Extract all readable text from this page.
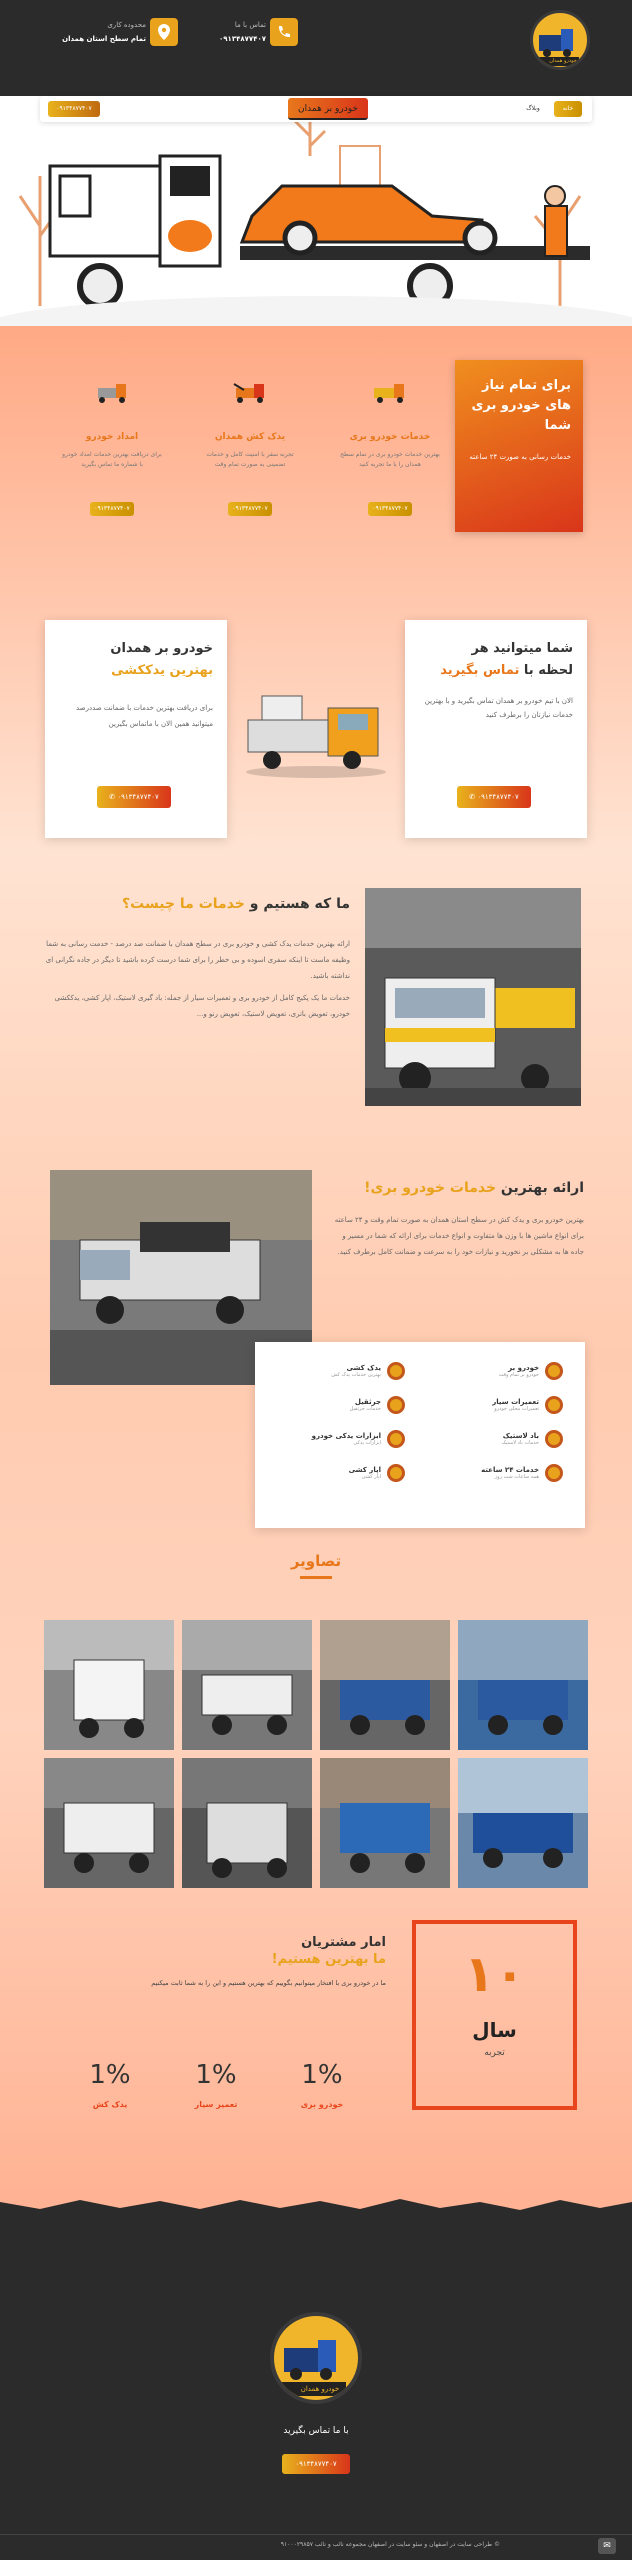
خودرو همدان
تماس با ما
۰۹۱۳۴۸۷۷۴۰۷
محدوده کاری
تمام سطح استان همدان
۰۹۱۳۴۸۷۷۴۰۷	خودرو بر همدان	خانه
وبلاگ
برای تمام نیاز های خودرو بری شما
خدمات رسانی به صورت ۲۴ ساعته
خدمات خودرو بری
بهترین خدمات خودرو بری در تمام سطح همدان را با ما تجربه کنید
۰۹۱۳۴۸۷۷۴۰۷
یدک کش همدان
تجربه سفر با امنیت کامل و خدمات تضمینی به صورت تمام وقت
۰۹۱۳۴۸۷۷۴۰۷
امداد خودرو
برای دریافت بهترین خدمات امداد خودرو با شماره ما تماس بگیرید
۰۹۱۳۴۸۷۷۴۰۷
شما میتوانید هر
لحظه با تماس بگیرید
الان با تیم خودرو بر همدان تماس بگیرید و با بهترین خدمات نیازتان را برطرف کنید
۰۹۱۳۴۸۷۷۴۰۷ ✆
خودرو بر همدان
بهترین یدککشی
برای دریافت بهترین خدمات با ضمانت صددرصد میتوانید همین الان با ماتماس بگیرین
۰۹۱۳۴۸۷۷۴۰۷ ✆
ما که هستیم و خدمات ما چیست؟
ارائه بهترین خدمات یدک کشی و خودرو بری در سطح همدان با ضمانت صد درصد - خدمت رسانی به شما وظیفه ماست تا اینکه سفری اسوده و بی خطر را برای شما درست کرده باشید تا دیگر در جاده نگرانی ای نداشته باشید.
خدمات ما یک پکیج کامل از خودرو بری و تعمیرات سیار از جمله: باد گیری لاستیک، اپار کشی، یدککشی خودرو، تعویض باتری، تعویض لاستیک، تعویض رنو و...
ارائه بهترین خدمات خودرو بری!
بهترین خودرو بری و یدک کش در سطح استان همدان به صورت تمام وقت و ۲۴ ساعته برای انواع ماشین ها با وزن ها متفاوت و انواع خدمات برای ارائه که شما در مسیر و جاده ها به مشکلی بر نخورید و نیازات خود را به سرعت و ضمانت کامل برطرف کنید.
خودرو بر
خودرو بر تمام وقت
یدک کشی
بهترین خدمات یدک کش
تعمیرات سیار
تعمیرات محلی خودرو
جرثقیل
خدمات جرثقیل
باد لاستیک
خدمات باد لاستیک
ابزارات یدکی خودرو
ابزارات یدکی
خدمات ۲۴ ساعته
همه ساعات شب روز
اپار کشی
اپار کشی
تصاویر
۱۰
سال
تجربه
امار مشتریان
ما بهترین هستیم!
ما در خودرو بری با افتخار میتوانیم بگوییم که بهترین هستیم و این را به شما ثابت میکنیم
1%
خودرو بری
1%
تعمیر سیار
1%
یدک کش
خودرو همدان
با ما تماس بگیرید
۰۹۱۳۴۸۷۷۴۰۷
© طراحی سایت در اصفهان و سئو سایت در اصفهان مجموعه نائب و نائب ۹۱۰۰۰۲۹۸۵۷	✉
